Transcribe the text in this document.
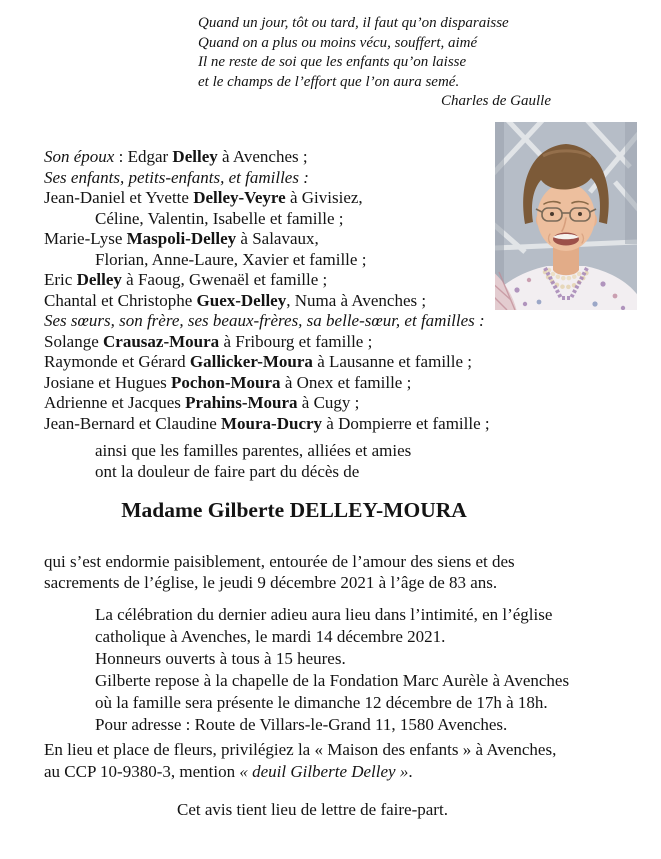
Quand un jour, tôt ou tard, il faut qu’on disparaisse
Quand on a plus ou moins vécu, souffert, aimé
Il ne reste de soi que les enfants qu’on laisse
et le champs de l’effort que l’on aura semé.
Charles de Gaulle
Son époux : Edgar Delley à Avenches ;
Ses enfants, petits-enfants, et familles :
Jean-Daniel et Yvette Delley-Veyre à Givisiez,
Céline, Valentin, Isabelle et famille ;
Marie-Lyse Maspoli-Delley à Salavaux,
Florian, Anne-Laure, Xavier et famille ;
Eric Delley à Faoug, Gwenaël et famille ;
Chantal et Christophe Guex-Delley, Numa à Avenches ;
Ses sœurs, son frère, ses beaux-frères, sa belle-sœur, et familles :
Solange Crausaz-Moura à Fribourg et famille ;
Raymonde et Gérard Gallicker-Moura à Lausanne et famille ;
Josiane et Hugues Pochon-Moura à Onex et famille ;
Adrienne et Jacques Prahins-Moura à Cugy ;
Jean-Bernard et Claudine Moura-Ducry à Dompierre et famille ;
ainsi que les familles parentes, alliées et amies
ont la douleur de faire part du décès de
Madame Gilberte DELLEY-MOURA
qui s’est endormie paisiblement, entourée de l’amour des siens et des
sacrements de l’église, le jeudi 9 décembre 2021 à l’âge de 83 ans.
La célébration du dernier adieu aura lieu dans l’intimité, en l’église
catholique à Avenches, le mardi 14 décembre 2021.
Honneurs ouverts à tous à 15 heures.
Gilberte repose à la chapelle de la Fondation Marc Aurèle à Avenches
où la famille sera présente le dimanche 12 décembre de 17h à 18h.
Pour adresse : Route de Villars-le-Grand 11, 1580 Avenches.
En lieu et place de fleurs, privilégiez la « Maison des enfants » à Avenches,
au CCP 10-9380-3, mention « deuil Gilberte Delley ».
Cet avis tient lieu de lettre de faire-part.
